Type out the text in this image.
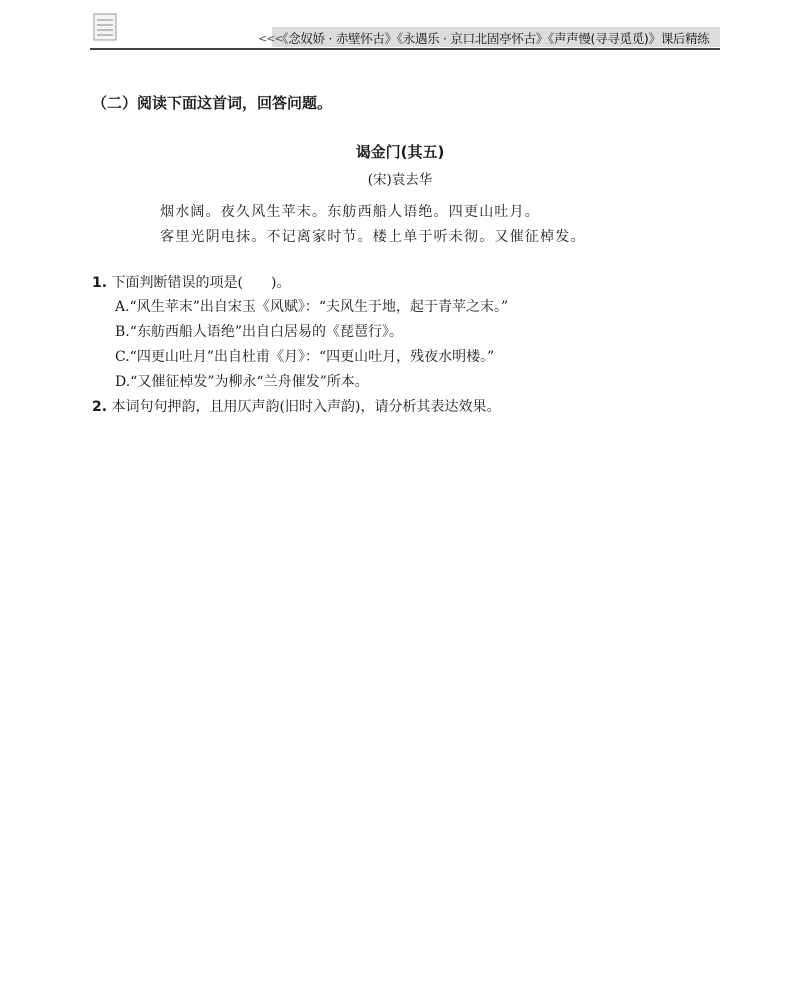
<<<
《念奴娇 · 赤壁怀古》《永遇乐 · 京口北固亭怀古》《声声慢(寻寻觅觅)》课后精练
（二）阅读下面这首词，回答问题。
谒金门(其五)
(宋)袁去华
烟水阔。夜久风生苹末。东舫西船人语绝。四更山吐月。
客里光阴电抹。不记离家时节。楼上单于听未彻。又催征棹发。
1. 下面判断错误的项是(　　)。
A.“风生苹末”出自宋玉《风赋》：“夫风生于地，起于青苹之末。”
B.“东舫西船人语绝”出自白居易的《琵琶行》。
C.“四更山吐月”出自杜甫《月》：“四更山吐月，残夜水明楼。”
D.“又催征棹发”为柳永“兰舟催发”所本。
2. 本词句句押韵，且用仄声韵(旧时入声韵)，请分析其表达效果。
